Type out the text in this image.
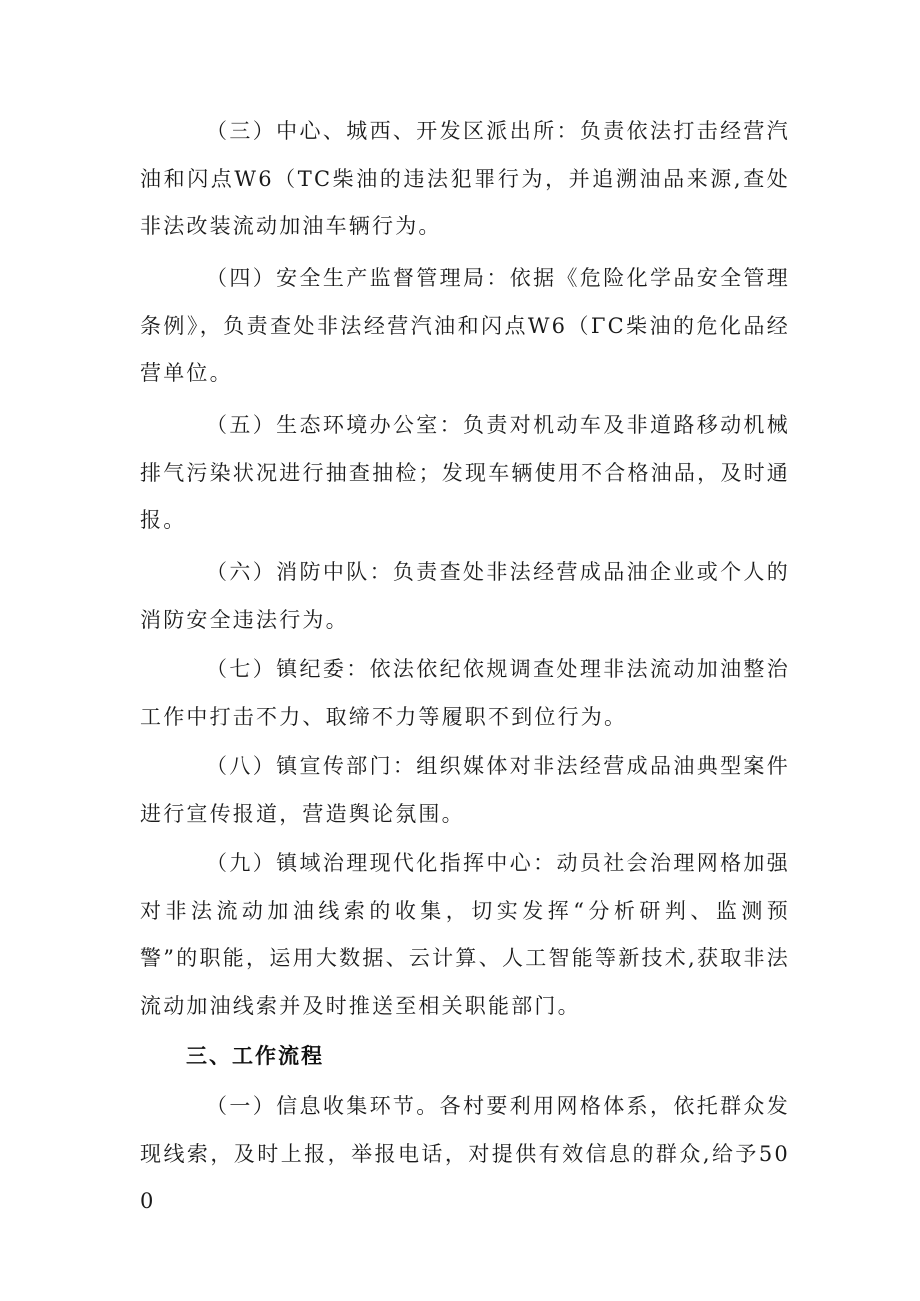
（三）中心、城西、开发区派出所：负责依法打击经营汽油和闪点W6（TC柴油的违法犯罪行为，并追溯油品来源,查处非法改装流动加油车辆行为。

（四）安全生产监督管理局：依据《危险化学品安全管理条例》，负责查处非法经营汽油和闪点W6（ΓC柴油的危化品经营单位。

（五）生态环境办公室：负责对机动车及非道路移动机械排气污染状况进行抽查抽检；发现车辆使用不合格油品，及时通报。

（六）消防中队：负责查处非法经营成品油企业或个人的消防安全违法行为。

（七）镇纪委：依法依纪依规调查处理非法流动加油整治工作中打击不力、取缔不力等履职不到位行为。

（八）镇宣传部门：组织媒体对非法经营成品油典型案件进行宣传报道，营造舆论氛围。

（九）镇域治理现代化指挥中心：动员社会治理网格加强对非法流动加油线索的收集，切实发挥“分析研判、监测预警”的职能，运用大数据、云计算、人工智能等新技术,获取非法流动加油线索并及时推送至相关职能部门。

三、工作流程

（一）信息收集环节。各村要利用网格体系，依托群众发现线索，及时上报，举报电话，对提供有效信息的群众,给予500
